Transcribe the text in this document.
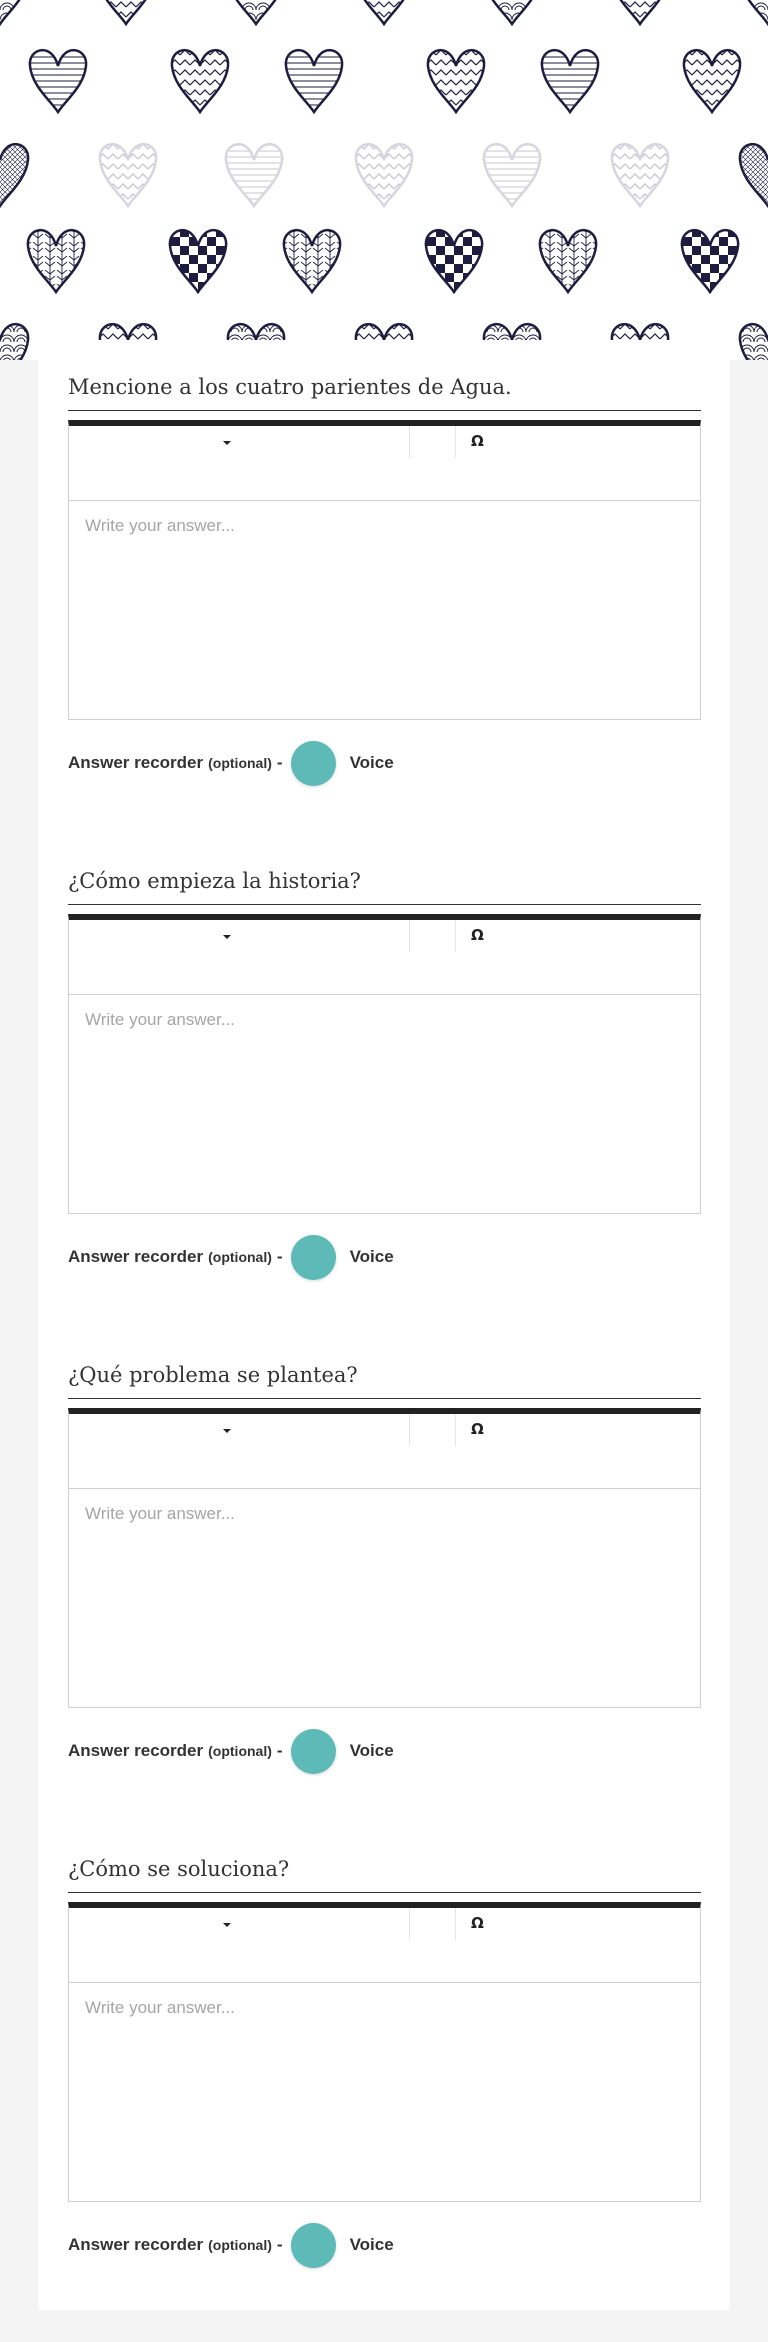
Mencione a los cuatro parientes de Agua.
Ω
Write your answer...
Answer recorder (optional) -	Voice
¿Cómo empieza la historia?
Ω
Write your answer...
Answer recorder (optional) -	Voice
¿Qué problema se plantea?
Ω
Write your answer...
Answer recorder (optional) -	Voice
¿Cómo se soluciona?
Ω
Write your answer...
Answer recorder (optional) -	Voice
